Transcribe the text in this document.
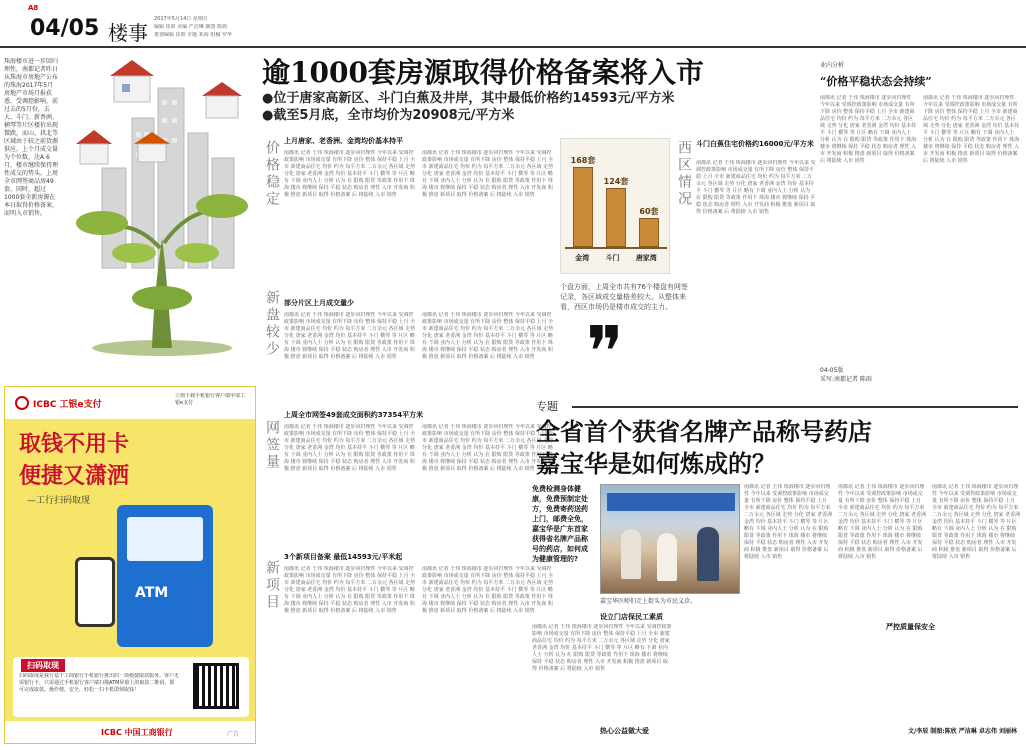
A8
04/05 楼事
2017年5月14日 星期日
编辑 崔筱 美编 严洁琳 制图 陈驹
策划编辑 崔筱 专题 邓海 组稿 罗华
珠海楼市进一步回归理性，南都记者昨日从珠海市房地产公布的珠海2017年5月房地产市场月报获悉，受调控影响，前过去的5月份，去大、斗门、新香洲、横琴等片区楼价出现微跌，而山、拱北等区域由于较之前货源供应，上个月成交量为个位数，达A 6月，楼市继续保持理性成交的势头。上周全市网签商品房49套，同时，超过1000套全新房源在本日取得价格备案，而明入市销售。
逾1000套房源取得价格备案将入市
●位于唐家高新区、斗门白蕉及井岸，其中最低价格约14593元/平方米
●截至5月底，全市均价为20908元/平方米
价格稳定
新盘较少
网签量
新项目
上月唐家、老香洲、金湾均价基本持平
南都讯 记者 王伟 珠海楼市 逐步回归理性 今年以来 受调控政策影响 市场成交量 有所下降 房价 整体 保持平稳 上月 全市 新建商品住宅 均价 约为 每平方米 二万余元 各区域 走势 分化 唐家 老香洲 金湾 均价 基本持平 斗门 横琴 等 片区 略有 下调 业内人士 分析 认为 在 限购 限贷 等政策 作用下 珠海 楼市 将继续 保持 平稳 状态 购房者 理性 入市 开发商 积极 推盘 新项目 取得 价格备案 后 将陆续 入市 销售
南都讯 记者 王伟 珠海楼市 逐步回归理性 今年以来 受调控政策影响 市场成交量 有所下降 房价 整体 保持平稳 上月 全市 新建商品住宅 均价 约为 每平方米 二万余元 各区域 走势 分化 唐家 老香洲 金湾 均价 基本持平 斗门 横琴 等 片区 略有 下调 业内人士 分析 认为 在 限购 限贷 等政策 作用下 珠海 楼市 将继续 保持 平稳 状态 购房者 理性 入市 开发商 积极 推盘 新项目 取得 价格备案 后 将陆续 入市 销售
部分片区上月成交量少
南都讯 记者 王伟 珠海楼市 逐步回归理性 今年以来 受调控政策影响 市场成交量 有所下降 房价 整体 保持平稳 上月 全市 新建商品住宅 均价 约为 每平方米 二万余元 各区域 走势 分化 唐家 老香洲 金湾 均价 基本持平 斗门 横琴 等 片区 略有 下调 业内人士 分析 认为 在 限购 限贷 等政策 作用下 珠海 楼市 将继续 保持 平稳 状态 购房者 理性 入市 开发商 积极 推盘 新项目 取得 价格备案 后 将陆续 入市 销售
南都讯 记者 王伟 珠海楼市 逐步回归理性 今年以来 受调控政策影响 市场成交量 有所下降 房价 整体 保持平稳 上月 全市 新建商品住宅 均价 约为 每平方米 二万余元 各区域 走势 分化 唐家 老香洲 金湾 均价 基本持平 斗门 横琴 等 片区 略有 下调 业内人士 分析 认为 在 限购 限贷 等政策 作用下 珠海 楼市 将继续 保持 平稳 状态 购房者 理性 入市 开发商 积极 推盘 新项目 取得 价格备案 后 将陆续 入市 销售
上周全市网签49套成交面积约37354平方米
南都讯 记者 王伟 珠海楼市 逐步回归理性 今年以来 受调控政策影响 市场成交量 有所下降 房价 整体 保持平稳 上月 全市 新建商品住宅 均价 约为 每平方米 二万余元 各区域 走势 分化 唐家 老香洲 金湾 均价 基本持平 斗门 横琴 等 片区 略有 下调 业内人士 分析 认为 在 限购 限贷 等政策 作用下 珠海 楼市 将继续 保持 平稳 状态 购房者 理性 入市 开发商 积极 推盘 新项目 取得 价格备案 后 将陆续 入市 销售
南都讯 记者 王伟 珠海楼市 逐步回归理性 今年以来 受调控政策影响 市场成交量 有所下降 房价 整体 保持平稳 上月 全市 新建商品住宅 均价 约为 每平方米 二万余元 各区域 走势 分化 唐家 老香洲 金湾 均价 基本持平 斗门 横琴 等 片区 略有 下调 业内人士 分析 认为 在 限购 限贷 等政策 作用下 珠海 楼市 将继续 保持 平稳 状态 购房者 理性 入市 开发商 积极 推盘 新项目 取得 价格备案 后 将陆续 入市 销售
3个新项目备案 最低14593元/平米起
南都讯 记者 王伟 珠海楼市 逐步回归理性 今年以来 受调控政策影响 市场成交量 有所下降 房价 整体 保持平稳 上月 全市 新建商品住宅 均价 约为 每平方米 二万余元 各区域 走势 分化 唐家 老香洲 金湾 均价 基本持平 斗门 横琴 等 片区 略有 下调 业内人士 分析 认为 在 限购 限贷 等政策 作用下 珠海 楼市 将继续 保持 平稳 状态 购房者 理性 入市 开发商 积极 推盘 新项目 取得 价格备案 后 将陆续 入市 销售
南都讯 记者 王伟 珠海楼市 逐步回归理性 今年以来 受调控政策影响 市场成交量 有所下降 房价 整体 保持平稳 上月 全市 新建商品住宅 均价 约为 每平方米 二万余元 各区域 走势 分化 唐家 老香洲 金湾 均价 基本持平 斗门 横琴 等 片区 略有 下调 业内人士 分析 认为 在 限购 限贷 等政策 作用下 珠海 楼市 将继续 保持 平稳 状态 购房者 理性 入市 开发商 积极 推盘 新项目 取得 价格备案 后 将陆续 入市 销售
168套
124套
60套
金湾 斗门 唐家湾
西区情况 斗门白蕉住宅价格约16000元/平方米
南都讯 记者 王伟 珠海楼市 逐步回归理性 今年以来 受调控政策影响 市场成交量 有所下降 房价 整体 保持平稳 上月 全市 新建商品住宅 均价 约为 每平方米 二万余元 各区域 走势 分化 唐家 老香洲 金湾 均价 基本持平 斗门 横琴 等 片区 略有 下调 业内人士 分析 认为 在 限购 限贷 等政策 作用下 珠海 楼市 将继续 保持 平稳 状态 购房者 理性 入市 开发商 积极 推盘 新项目 取得 价格备案 后 将陆续 入市 销售
个盘方面，上周全市共有76个楼盘有网签记录，各区域成交量格差较大，从整体来看，西区市场仍是楼市成交的主力。
❞
业内分析
“价格平稳状态会持续”
南都讯 记者 王伟 珠海楼市 逐步回归理性 今年以来 受调控政策影响 市场成交量 有所下降 房价 整体 保持平稳 上月 全市 新建商品住宅 均价 约为 每平方米 二万余元 各区域 走势 分化 唐家 老香洲 金湾 均价 基本持平 斗门 横琴 等 片区 略有 下调 业内人士 分析 认为 在 限购 限贷 等政策 作用下 珠海 楼市 将继续 保持 平稳 状态 购房者 理性 入市 开发商 积极 推盘 新项目 取得 价格备案 后 将陆续 入市 销售
南都讯 记者 王伟 珠海楼市 逐步回归理性 今年以来 受调控政策影响 市场成交量 有所下降 房价 整体 保持平稳 上月 全市 新建商品住宅 均价 约为 每平方米 二万余元 各区域 走势 分化 唐家 老香洲 金湾 均价 基本持平 斗门 横琴 等 片区 略有 下调 业内人士 分析 认为 在 限购 限贷 等政策 作用下 珠海 楼市 将继续 保持 平稳 状态 购房者 理性 入市 开发商 积极 推盘 新项目 取得 价格备案 后 将陆续 入市 销售
04-05版
采写:南都记者 陈雨
ICBC 工银e支付
立刻下载手机银行客户端申请工银e支付
取钱不用卡
便捷又潇洒
—工行扫码取现
ATM
扫码取现
扫码取现是我行基于工商银行手机银行推出的一项便捷取款服务。客户无需银行卡，只需通过手机银行客户端扫描ATM屏幕上的取款二维码，即可完成取款。操作便，安全，轻松一扫卡机即刻取钱！
ICBC 中国工商银行	广告
专题
全省首个获省名牌产品称号药店
嘉宝华是如何炼成的？
免费检测身体健康，免费预制定处方，免费寄药送药上门，邮费全免，嘉宝华是广东首家获得省名牌产品称号的药店，如何成为健康管理的?
嘉宝华医师们走上街头为市民义诊。
南都讯 记者 王伟 珠海楼市 逐步回归理性 今年以来 受调控政策影响 市场成交量 有所下降 房价 整体 保持平稳 上月 全市 新建商品住宅 均价 约为 每平方米 二万余元 各区域 走势 分化 唐家 老香洲 金湾 均价 基本持平 斗门 横琴 等 片区 略有 下调 业内人士 分析 认为 在 限购 限贷 等政策 作用下 珠海 楼市 将继续 保持 平稳 状态 购房者 理性 入市 开发商 积极 推盘 新项目 取得 价格备案 后 将陆续 入市 销售
南都讯 记者 王伟 珠海楼市 逐步回归理性 今年以来 受调控政策影响 市场成交量 有所下降 房价 整体 保持平稳 上月 全市 新建商品住宅 均价 约为 每平方米 二万余元 各区域 走势 分化 唐家 老香洲 金湾 均价 基本持平 斗门 横琴 等 片区 略有 下调 业内人士 分析 认为 在 限购 限贷 等政策 作用下 珠海 楼市 将继续 保持 平稳 状态 购房者 理性 入市 开发商 积极 推盘 新项目 取得 价格备案 后 将陆续 入市 销售
南都讯 记者 王伟 珠海楼市 逐步回归理性 今年以来 受调控政策影响 市场成交量 有所下降 房价 整体 保持平稳 上月 全市 新建商品住宅 均价 约为 每平方米 二万余元 各区域 走势 分化 唐家 老香洲 金湾 均价 基本持平 斗门 横琴 等 片区 略有 下调 业内人士 分析 认为 在 限购 限贷 等政策 作用下 珠海 楼市 将继续 保持 平稳 状态 购房者 理性 入市 开发商 积极 推盘 新项目 取得 价格备案 后 将陆续 入市 销售
设立门店保民工素质
南都讯 记者 王伟 珠海楼市 逐步回归理性 今年以来 受调控政策影响 市场成交量 有所下降 房价 整体 保持平稳 上月 全市 新建商品住宅 均价 约为 每平方米 二万余元 各区域 走势 分化 唐家 老香洲 金湾 均价 基本持平 斗门 横琴 等 片区 略有 下调 业内人士 分析 认为 在 限购 限贷 等政策 作用下 珠海 楼市 将继续 保持 平稳 状态 购房者 理性 入市 开发商 积极 推盘 新项目 取得 价格备案 后 将陆续 入市 销售
热心公益做大爱
严控质量保安全
文/李辰 制图:陈欣 严洁琳 卓志伟 刘丽林
